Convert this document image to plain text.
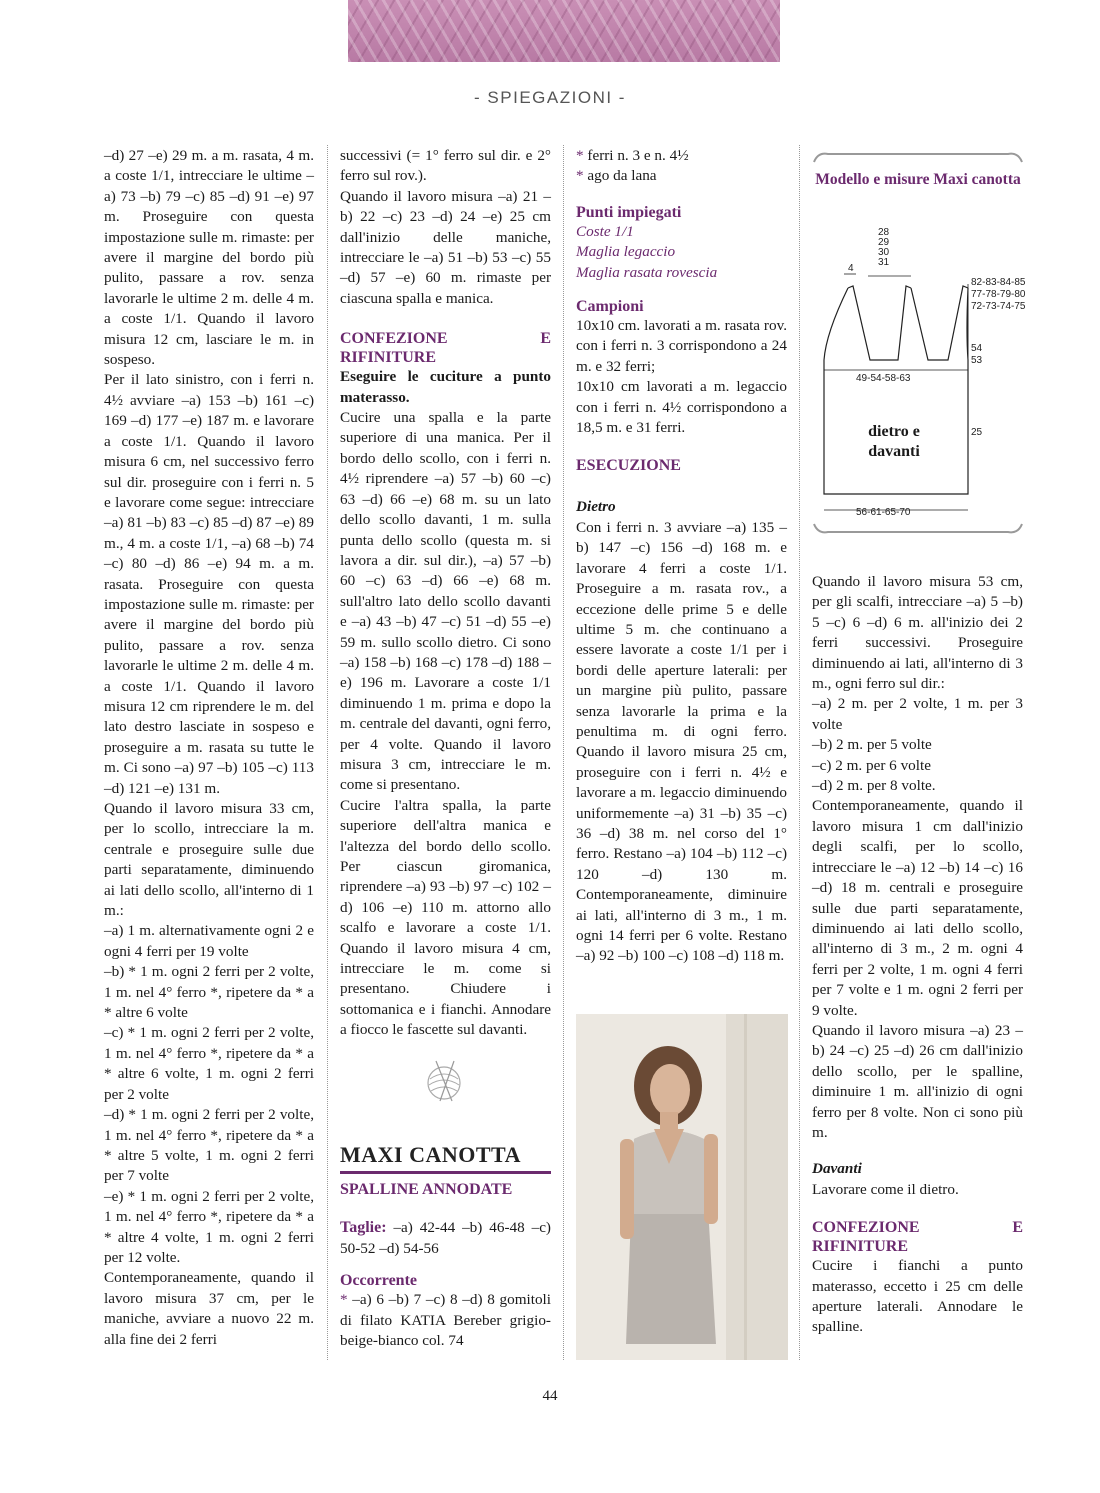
- SPIEGAZIONI -

–d) 27 –e) 29 m. a m. rasata, 4 m. a coste 1/1, intrecciare le ultime –a) 73 –b) 79 –c) 85 –d) 91 –e) 97 m. Proseguire con questa impostazione sulle m. rimaste: per avere il margine del bordo più pulito, passare a rov. senza lavorarle le ultime 2 m. delle 4 m. a coste 1/1. Quando il lavoro misura 12 cm, lasciare le m. in sospeso.

Per il lato sinistro, con i ferri n. 4½ avviare –a) 153 –b) 161 –c) 169 –d) 177 –e) 187 m. e lavorare a coste 1/1. Quando il lavoro misura 6 cm, nel successivo ferro sul dir. proseguire con i ferri n. 5 e lavorare come segue: intrecciare –a) 81 –b) 83 –c) 85 –d) 87 –e) 89 m., 4 m. a coste 1/1, –a) 68 –b) 74 –c) 80 –d) 86 –e) 94 m. a m. rasata. Proseguire con questa impostazione sulle m. rimaste: per avere il margine del bordo più pulito, passare a rov. senza lavorarle le ultime 2 m. delle 4 m. a coste 1/1. Quando il lavoro misura 12 cm riprendere le m. del lato destro lasciate in sospeso e proseguire a m. rasata su tutte le m. Ci sono –a) 97 –b) 105 –c) 113 –d) 121 –e) 131 m.

Quando il lavoro misura 33 cm, per lo scollo, intrecciare la m. centrale e proseguire sulle due parti separatamente, diminuendo ai lati dello scollo, all'interno di 1 m.:

–a) 1 m. alternativamente ogni 2 e ogni 4 ferri per 19 volte

–b) * 1 m. ogni 2 ferri per 2 volte, 1 m. nel 4° ferro *, ripetere da * a * altre 6 volte

–c) * 1 m. ogni 2 ferri per 2 volte, 1 m. nel 4° ferro *, ripetere da * a * altre 6 volte, 1 m. ogni 2 ferri per 2 volte

–d) * 1 m. ogni 2 ferri per 2 volte, 1 m. nel 4° ferro *, ripetere da * a * altre 5 volte, 1 m. ogni 2 ferri per 7 volte

–e) * 1 m. ogni 2 ferri per 2 volte, 1 m. nel 4° ferro *, ripetere da * a * altre 4 volte, 1 m. ogni 2 ferri per 12 volte.

Contemporaneamente, quando il lavoro misura 37 cm, per le maniche, avviare a nuovo 22 m. alla fine dei 2 ferri

successivi (= 1° ferro sul dir. e 2° ferro sul rov.).

Quando il lavoro misura –a) 21 –b) 22 –c) 23 –d) 24 –e) 25 cm dall'inizio delle maniche, intrecciare le –a) 51 –b) 53 –c) 55 –d) 57 –e) 60 m. rimaste per ciascuna spalla e manica.

CONFEZIONE E RIFINITURE

Eseguire le cuciture a punto materasso.

Cucire una spalla e la parte superiore di una manica. Per il bordo dello scollo, con i ferri n. 4½ riprendere –a) 57 –b) 60 –c) 63 –d) 66 –e) 68 m. su un lato dello scollo davanti, 1 m. sulla punta dello scollo (questa m. si lavora a dir. sul dir.), –a) 57 –b) 60 –c) 63 –d) 66 –e) 68 m. sull'altro lato dello scollo davanti e –a) 43 –b) 47 –c) 51 –d) 55 –e) 59 m. sullo scollo dietro. Ci sono –a) 158 –b) 168 –c) 178 –d) 188 –e) 196 m. Lavorare a coste 1/1 diminuendo 1 m. prima e dopo la m. centrale del davanti, ogni ferro, per 4 volte. Quando il lavoro misura 3 cm, intrecciare le m. come si presentano.

Cucire l'altra spalla, la parte superiore dell'altra manica e l'altezza del bordo dello scollo. Per ciascun giromanica, riprendere –a) 93 –b) 97 –c) 102 –d) 106 –e) 110 m. attorno allo scalfo e lavorare a coste 1/1. Quando il lavoro misura 4 cm, intrecciare le m. come si presentano. Chiudere i sottomanica e i fianchi. Annodare a fiocco le fascette sul davanti.

MAXI CANOTTA

SPALLINE ANNODATE

Taglie: –a) 42-44 –b) 46-48 –c) 50-52 –d) 54-56

Occorrente

* –a) 6 –b) 7 –c) 8 –d) 8 gomitoli di filato KATIA Bereber grigio-beige-bianco col. 74

* ferri n. 3 e n. 4½

* ago da lana

Punti impiegati

Coste 1/1

Maglia legaccio

Maglia rasata rovescia

Campioni

10x10 cm. lavorati a m. rasata rov. con i ferri n. 3 corrispondono a 24 m. e 32 ferri;

10x10 cm lavorati a m. legaccio con i ferri n. 4½ corrispondono a 18,5 m. e 31 ferri.

ESECUZIONE

Dietro

Con i ferri n. 3 avviare –a) 135 –b) 147 –c) 156 –d) 168 m. e lavorare 4 ferri a coste 1/1. Proseguire a m. rasata rov., a eccezione delle prime 5 e delle ultime 5 m. che continuano a essere lavorate a coste 1/1 per i bordi delle aperture laterali: per un margine più pulito, passare senza lavorarle la prima e la penultima m. di ogni ferro. Quando il lavoro misura 25 cm, proseguire con i ferri n. 4½ e lavorare a m. legaccio diminuendo uniformemente –a) 31 –b) 35 –c) 36 –d) 38 m. nel corso del 1° ferro. Restano –a) 104 –b) 112 –c) 120 –d) 130 m. Contemporaneamente, diminuire ai lati, all'interno di 3 m., 1 m. ogni 14 ferri per 6 volte. Restano –a) 92 –b) 100 –c) 108 –d) 118 m.

Modello e misure Maxi canotta
28
29
30
31
4
82-83-84-85
77-78-79-80
72-73-74-75
54
53
49-54-58-63
25
dietro e davanti
56-61-65-70

Quando il lavoro misura 53 cm, per gli scalfi, intrecciare –a) 5 –b) 5 –c) 6 –d) 6 m. all'inizio dei 2 ferri successivi. Proseguire diminuendo ai lati, all'interno di 3 m., ogni ferro sul dir.:

–a) 2 m. per 2 volte, 1 m. per 3 volte

–b) 2 m. per 5 volte

–c) 2 m. per 6 volte

–d) 2 m. per 8 volte.

Contemporaneamente, quando il lavoro misura 1 cm dall'inizio degli scalfi, per lo scollo, intrecciare le –a) 12 –b) 14 –c) 16 –d) 18 m. centrali e proseguire sulle due parti separatamente, diminuendo ai lati dello scollo, all'interno di 3 m., 2 m. ogni 4 ferri per 2 volte, 1 m. ogni 4 ferri per 7 volte e 1 m. ogni 2 ferri per 9 volte.

Quando il lavoro misura –a) 23 –b) 24 –c) 25 –d) 26 cm dall'inizio dello scollo, per le spalline, diminuire 1 m. all'inizio di ogni ferro per 8 volte. Non ci sono più m.

Davanti

Lavorare come il dietro.

CONFEZIONE E RIFINITURE

Cucire i fianchi a punto materasso, eccetto i 25 cm delle aperture laterali. Annodare le spalline.

44
